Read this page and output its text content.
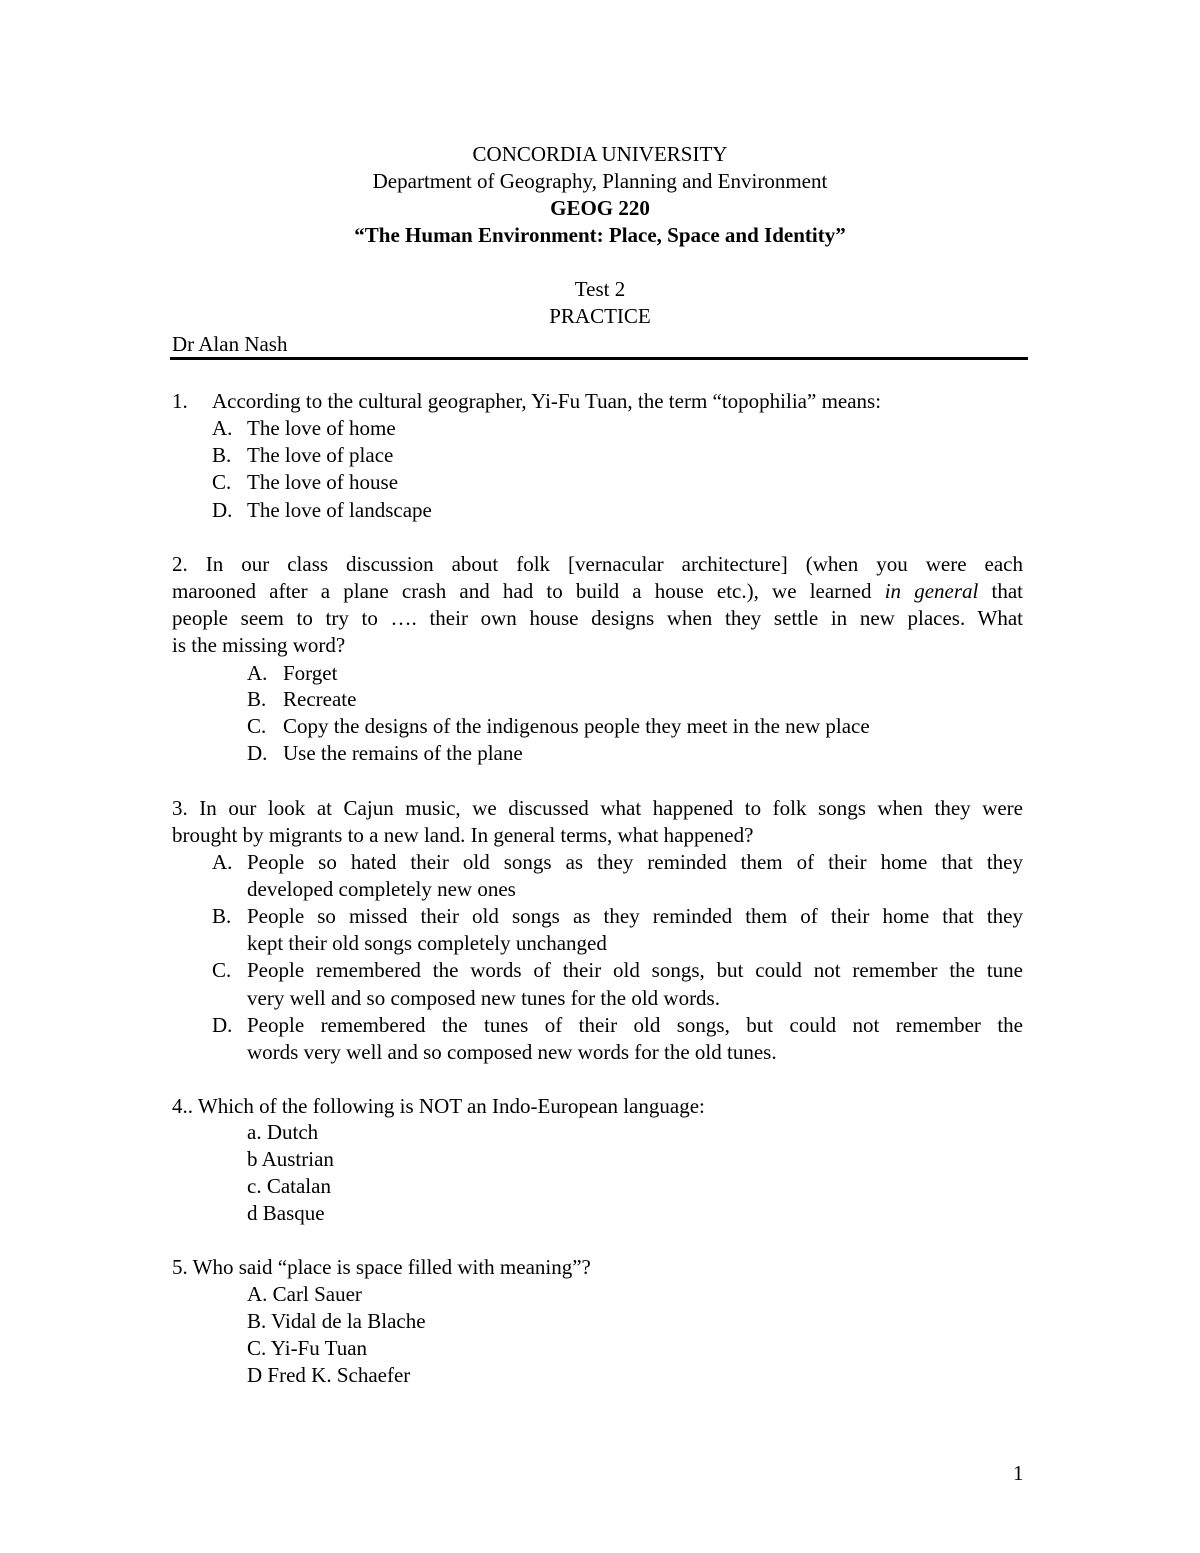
CONCORDIA UNIVERSITY
Department of Geography, Planning and Environment
GEOG 220
“The Human Environment: Place, Space and Identity”
Test 2
PRACTICE
Dr Alan Nash
1. According to the cultural geographer, Yi-Fu Tuan, the term “topophilia” means:
A. The love of home
B. The love of place
C. The love of house
D. The love of landscape
2. In our class discussion about folk [vernacular architecture] (when you were each
marooned after a plane crash and had to build a house etc.), we learned in general that
people seem to try to …. their own house designs when they settle in new places. What
is the missing word?
A. Forget
B. Recreate
C. Copy the designs of the indigenous people they meet in the new place
D. Use the remains of the plane
3. In our look at Cajun music, we discussed what happened to folk songs when they were
brought by migrants to a new land. In general terms, what happened?
A. People so hated their old songs as they reminded them of their home that they
developed completely new ones
B. People so missed their old songs as they reminded them of their home that they
kept their old songs completely unchanged
C. People remembered the words of their old songs, but could not remember the tune
very well and so composed new tunes for the old words.
D. People remembered the tunes of their old songs, but could not remember the
words very well and so composed new words for the old tunes.
4.. Which of the following is NOT an Indo-European language:
a. Dutch
b Austrian
c. Catalan
d Basque
5. Who said “place is space filled with meaning”?
A. Carl Sauer
B. Vidal de la Blache
C. Yi-Fu Tuan
D Fred K. Schaefer
1
